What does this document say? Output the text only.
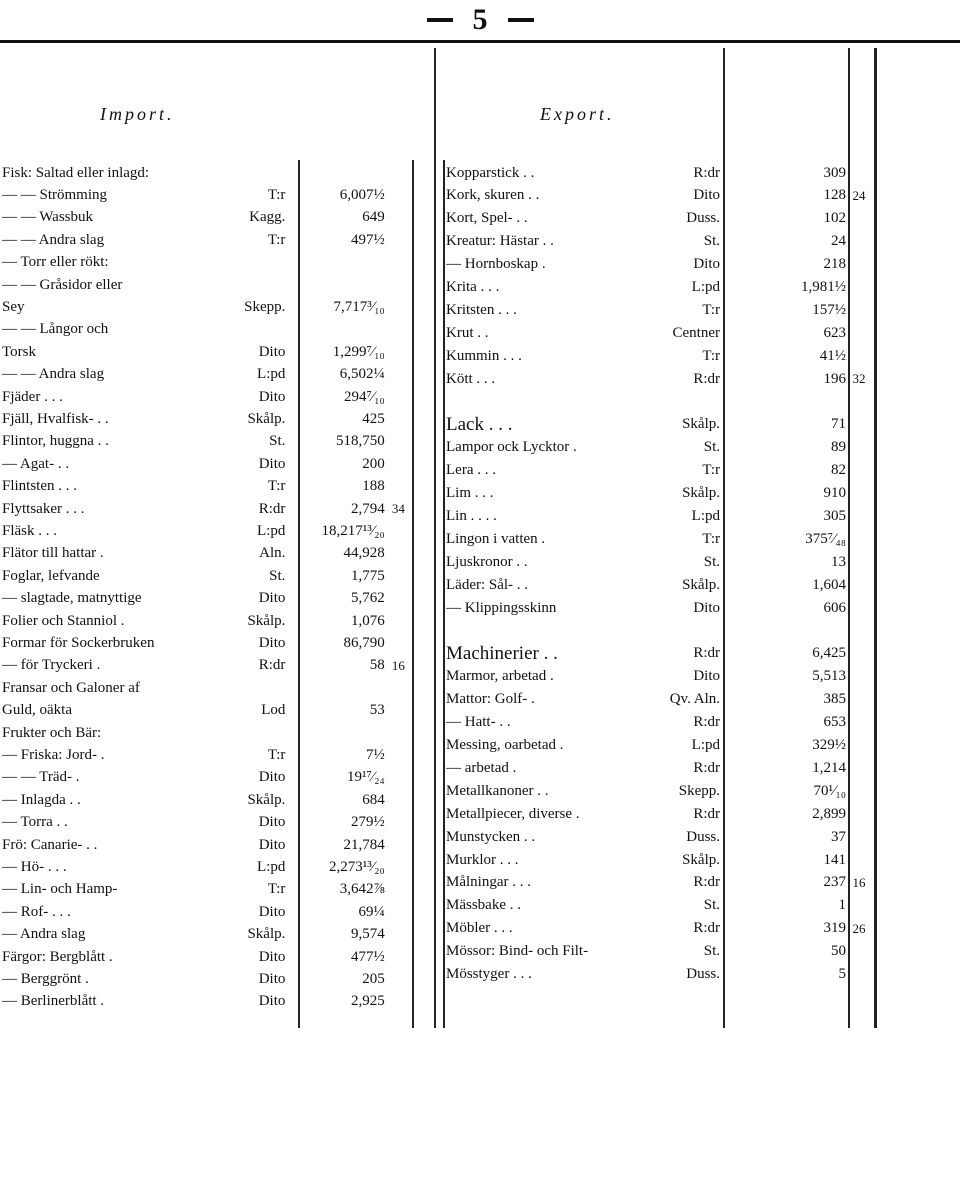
5
Import.	Export.
Fisk: Saltad eller inlagd:
— — Strömming	T:r	6,007½
— — Wassbuk	Kagg.	649
— — Andra slag	T:r	497½
— Torr eller rökt:
— — Gråsidor eller
Sey	Skepp.	7,717³⁄₁₀
— — Långor och
Torsk	Dito	1,299⁷⁄₁₀
— — Andra slag	L:pd	6,502¼
Fjäder . . .	Dito	294⁷⁄₁₀
Fjäll, Hvalfisk- . .	Skålp.	425
Flintor, huggna . .	St.	518,750
— Agat- . .	Dito	200
Flintsten . . .	T:r	188
Flyttsaker . . .	R:dr	2,794 34
Fläsk . . .	L:pd	18,217¹³⁄₂₀
Flätor till hattar .	Aln.	44,928
Foglar, lefvande	St.	1,775
— slagtade, matnyttige	Dito	5,762
Folier och Stanniol .	Skålp.	1,076
Formar för Sockerbruken	Dito	86,790
— för Tryckeri .	R:dr	58 16
Fransar och Galoner af
Guld, oäkta	Lod	53
Frukter och Bär:
— Friska: Jord- .	T:r	7½
— — Träd- .	Dito	19¹⁷⁄₂₄
— Inlagda . .	Skålp.	684
— Torra . .	Dito	279½
Frö: Canarie- . .	Dito	21,784
— Hö- . . .	L:pd	2,273¹³⁄₂₀
— Lin- och Hamp-	T:r	3,642⅞
— Rof- . . .	Dito	69¼
— Andra slag	Skålp.	9,574
Färgor: Bergblått .	Dito	477½
— Berggrönt .	Dito	205
— Berlinerblått .	Dito	2,925
Kopparstick . .	R:dr	309
Kork, skuren . .	Dito	128 24
Kort, Spel- . .	Duss.	102
Kreatur: Hästar . .	St.	24
— Hornboskap .	Dito	218
Krita . . .	L:pd	1,981½
Kritsten . . .	T:r	157½
Krut . .	Centner	623
Kummin . . .	T:r	41½
Kött . . .	R:dr	196 32
Lack . . .	Skålp.	71
Lampor ock Lycktor .	St.	89
Lera . . .	T:r	82
Lim . . .	Skålp.	910
Lin . . . .	L:pd	305
Lingon i vatten .	T:r	375⁷⁄₄₈
Ljuskronor . .	St.	13
Läder: Sål- . .	Skålp.	1,604
— Klippingsskinn	Dito	606
Machinerier . .	R:dr	6,425
Marmor, arbetad .	Dito	5,513
Mattor: Golf- .	Qv. Aln.	385
— Hatt- . .	R:dr	653
Messing, oarbetad .	L:pd	329½
— arbetad .	R:dr	1,214
Metallkanoner . .	Skepp.	70¹⁄₁₀
Metallpiecer, diverse .	R:dr	2,899
Munstycken . .	Duss.	37
Murklor . . .	Skålp.	141
Målningar . . .	R:dr	237 16
Mässbake . .	St.	1
Möbler . . .	R:dr	319 26
Mössor: Bind- och Filt-	St.	50
Mösstyger . . .	Duss.	5
